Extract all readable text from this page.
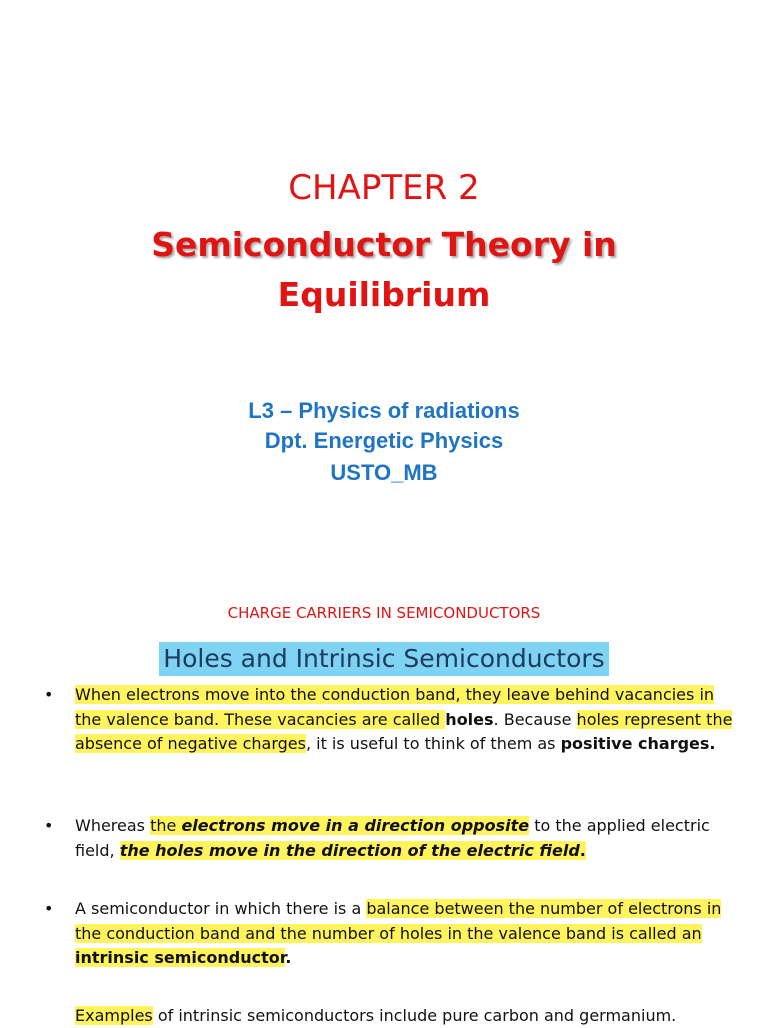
CHAPTER 2
Semiconductor Theory in
Equilibrium
L3 – Physics of radiations
Dpt. Energetic Physics
USTO_MB
CHARGE CARRIERS IN SEMICONDUCTORS
Holes and Intrinsic Semiconductors
•	When electrons move into the conduction band, they leave behind vacancies in the valence band. These vacancies are called holes. Because holes represent the absence of negative charges, it is useful to think of them as positive charges.
•	Whereas the electrons move in a direction opposite to the applied electric field, the holes move in the direction of the electric field.
•	A semiconductor in which there is a balance between the number of electrons in the conduction band and the number of holes in the valence band is called an intrinsic semiconductor.
Examples of intrinsic semiconductors include pure carbon and germanium.
